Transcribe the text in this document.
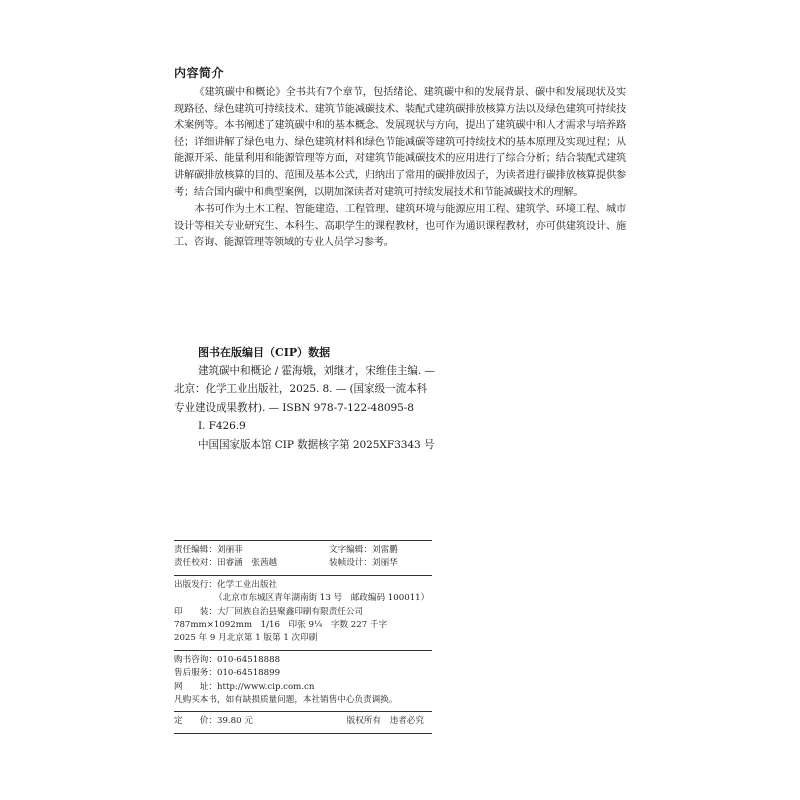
内容简介

《建筑碳中和概论》全书共有7个章节，包括绪论、建筑碳中和的发展背景、碳中和发展现状及实现路径、绿色建筑可持续技术、建筑节能减碳技术、装配式建筑碳排放核算方法以及绿色建筑可持续技术案例等。本书阐述了建筑碳中和的基本概念、发展现状与方向，提出了建筑碳中和人才需求与培养路径；详细讲解了绿色电力、绿色建筑材料和绿色节能减碳等建筑可持续技术的基本原理及实现过程；从能源开采、能量利用和能源管理等方面，对建筑节能减碳技术的应用进行了综合分析；结合装配式建筑讲解碳排放核算的目的、范围及基本公式，归纳出了常用的碳排放因子，为读者进行碳排放核算提供参考；结合国内碳中和典型案例，以期加深读者对建筑可持续发展技术和节能减碳技术的理解。

本书可作为土木工程、智能建造、工程管理、建筑环境与能源应用工程、建筑学、环境工程、城市设计等相关专业研究生、本科生、高职学生的课程教材，也可作为通识课程教材，亦可供建筑设计、施工、咨询、能源管理等领域的专业人员学习参考。

图书在版编目（CIP）数据
建筑碳中和概论 / 霍海娥，刘继才，宋维佳主编. —
北京：化学工业出版社，2025. 8. — (国家级一流本科
专业建设成果教材). — ISBN 978-7-122-48095-8
Ⅰ. F426.9
中国国家版本馆 CIP 数据核字第 2025XF3343 号
责任编辑：刘丽菲	文字编辑：刘雷鹏
责任校对：田睿涵　张茜越	装帧设计：刘丽华
出版发行： 化学工业出版社
（北京市东城区青年湖南街 13 号　邮政编码 100011）
印　　装： 大厂回族自治县聚鑫印刷有限责任公司
787mm×1092mm　1/16　印张 9¼　字数 227 千字
2025 年 9 月北京第 1 版第 1 次印刷
购书咨询： 010-64518888
售后服务： 010-64518899
网　　址： http://www.cip.com.cn
凡购买本书，如有缺损质量问题，本社销售中心负责调换。
定　　价：39.80 元	版权所有　违者必究
